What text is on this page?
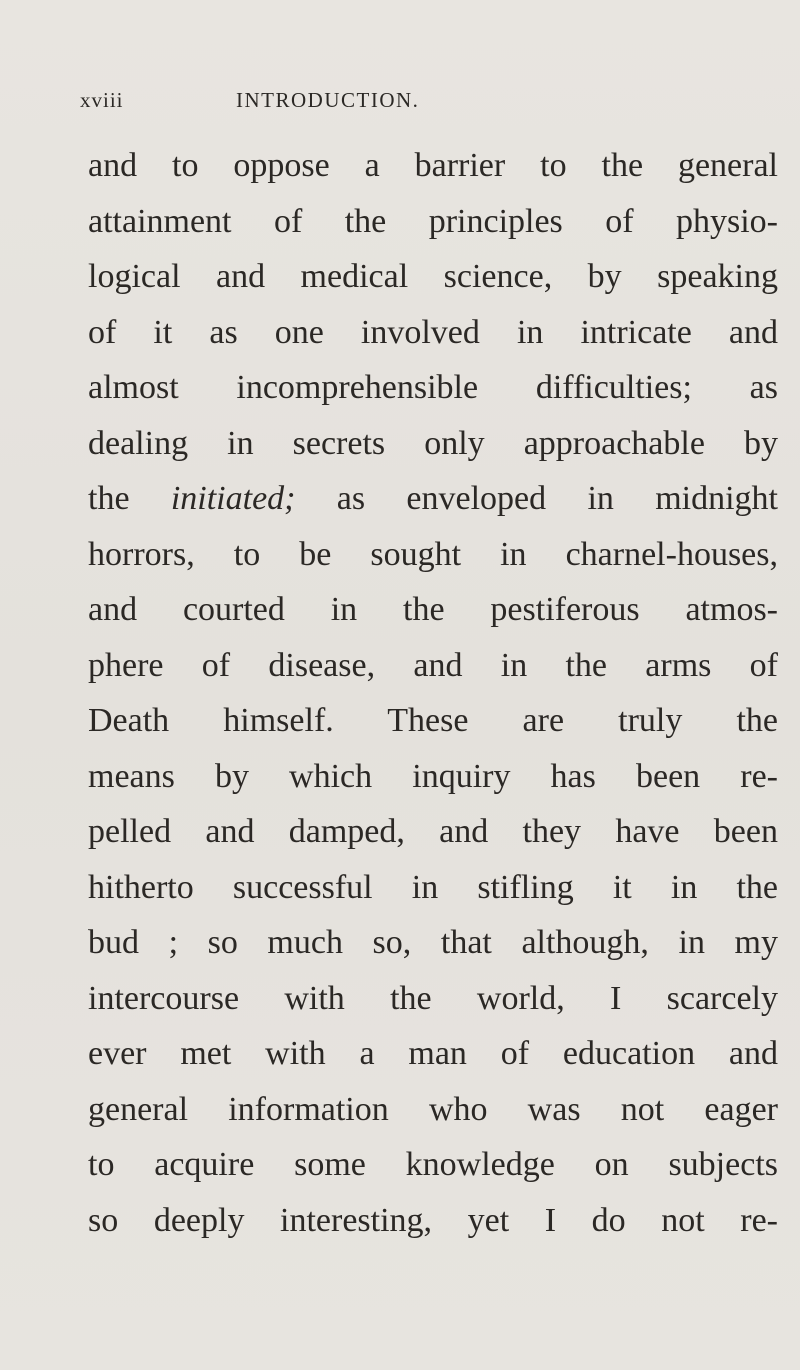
xviii	INTRODUCTION.
and to oppose a barrier to the general
attainment of the principles of physio-
logical and medical science, by speaking
of it as one involved in intricate and
almost incomprehensible difficulties; as
dealing in secrets only approachable by
the initiated; as enveloped in midnight
horrors, to be sought in charnel-houses,
and courted in the pestiferous atmos-
phere of disease, and in the arms of
Death himself. These are truly the
means by which inquiry has been re-
pelled and damped, and they have been
hitherto successful in stifling it in the
bud ; so much so, that although, in my
intercourse with the world, I scarcely
ever met with a man of education and
general information who was not eager
to acquire some knowledge on subjects
so deeply interesting, yet I do not re-
